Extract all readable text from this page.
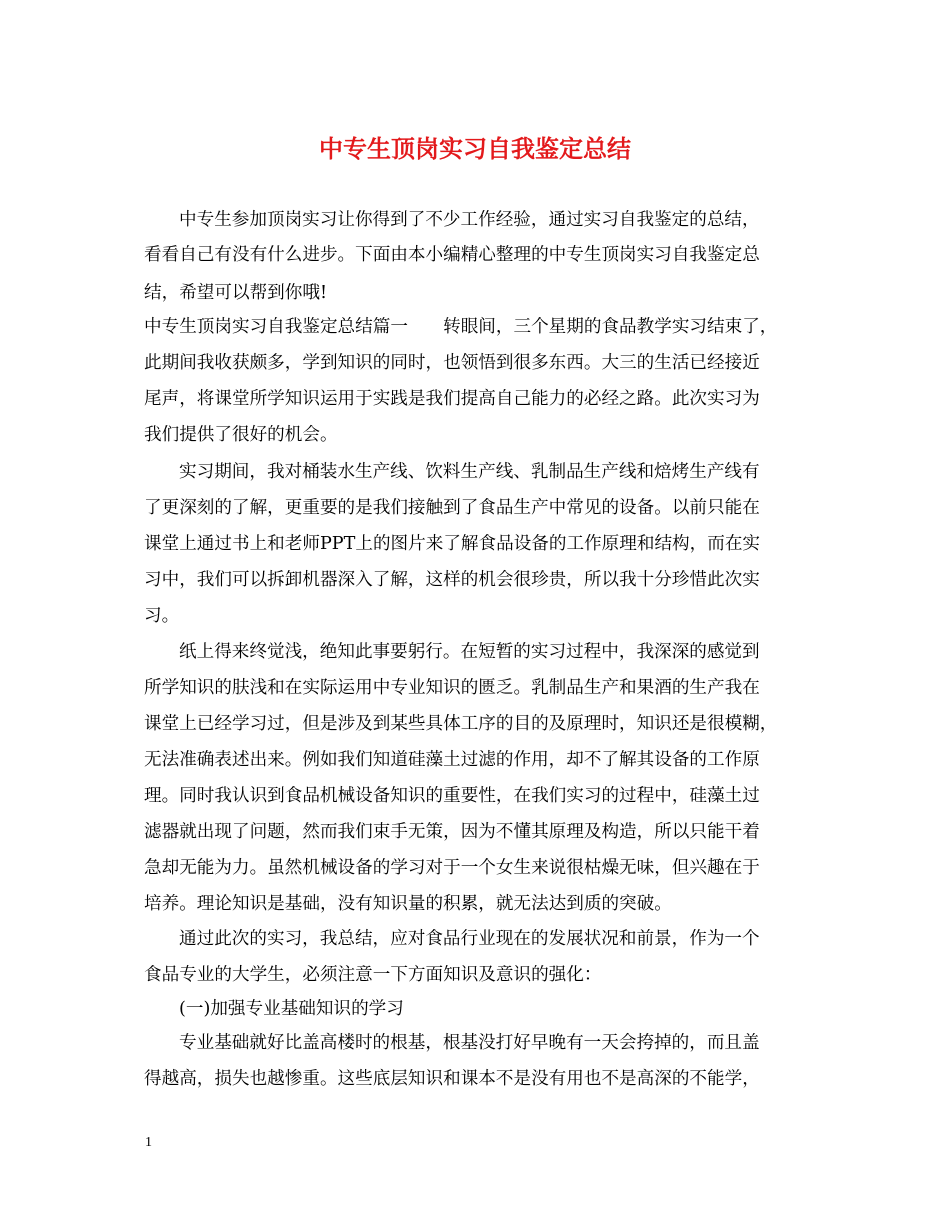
中专生顶岗实习自我鉴定总结
中专生参加顶岗实习让你得到了不少工作经验，通过实习自我鉴定的总结，
看看自己有没有什么进步。下面由本小编精心整理的中专生顶岗实习自我鉴定总
结，希望可以帮到你哦!
中专生顶岗实习自我鉴定总结篇一　　转眼间，三个星期的食品教学实习结束了，
此期间我收获颇多，学到知识的同时，也领悟到很多东西。大三的生活已经接近
尾声，将课堂所学知识运用于实践是我们提高自己能力的必经之路。此次实习为
我们提供了很好的机会。
实习期间，我对桶装水生产线、饮料生产线、乳制品生产线和焙烤生产线有
了更深刻的了解，更重要的是我们接触到了食品生产中常见的设备。以前只能在
课堂上通过书上和老师PPT上的图片来了解食品设备的工作原理和结构，而在实
习中，我们可以拆卸机器深入了解，这样的机会很珍贵，所以我十分珍惜此次实
习。
纸上得来终觉浅，绝知此事要躬行。在短暂的实习过程中，我深深的感觉到
所学知识的肤浅和在实际运用中专业知识的匮乏。乳制品生产和果酒的生产我在
课堂上已经学习过，但是涉及到某些具体工序的目的及原理时，知识还是很模糊，
无法准确表述出来。例如我们知道硅藻土过滤的作用，却不了解其设备的工作原
理。同时我认识到食品机械设备知识的重要性，在我们实习的过程中，硅藻土过
滤器就出现了问题，然而我们束手无策，因为不懂其原理及构造，所以只能干着
急却无能为力。虽然机械设备的学习对于一个女生来说很枯燥无味，但兴趣在于
培养。理论知识是基础，没有知识量的积累，就无法达到质的突破。
通过此次的实习，我总结，应对食品行业现在的发展状况和前景，作为一个
食品专业的大学生，必须注意一下方面知识及意识的强化：
(一)加强专业基础知识的学习
专业基础就好比盖高楼时的根基，根基没打好早晚有一天会挎掉的，而且盖
得越高，损失也越惨重。这些底层知识和课本不是没有用也不是高深的不能学，
1
